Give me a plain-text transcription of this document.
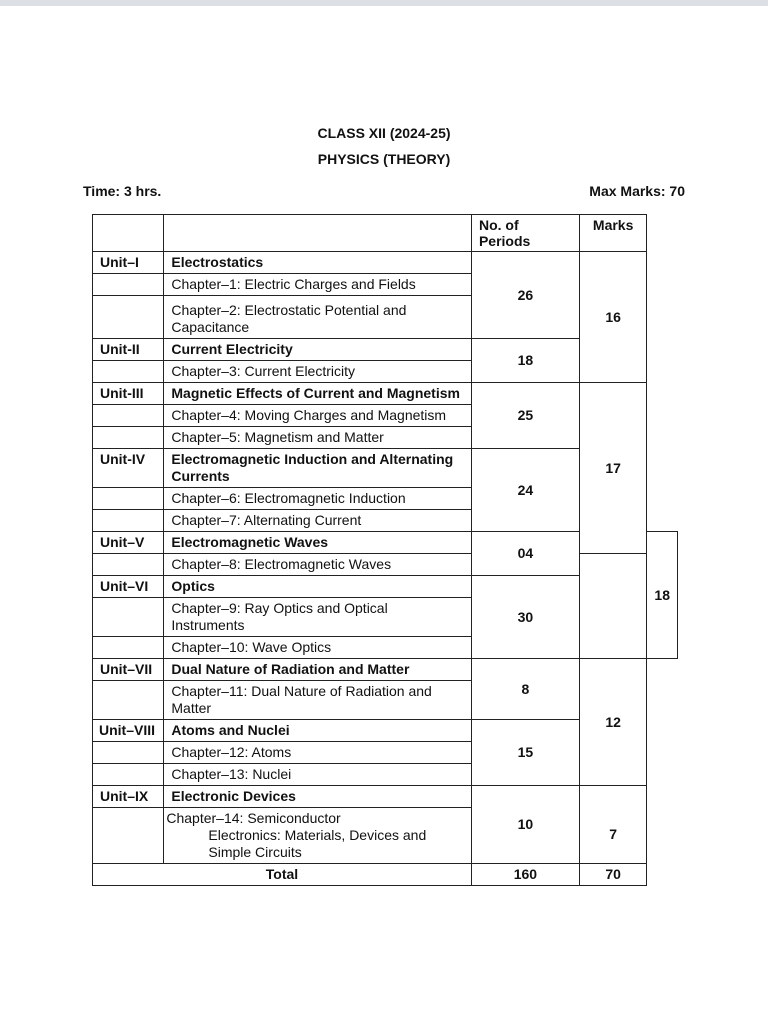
CLASS XII (2024-25)
PHYSICS (THEORY)
Time: 3 hrs.	Max Marks: 70
		No. of Periods	Marks	
Unit–I	Electrostatics	26	16	
	Chapter–1: Electric Charges and Fields			
	Chapter–2: Electrostatic Potential and Capacitance			
Unit-II	Current Electricity	18		
	Chapter–3: Current Electricity			
Unit-III	Magnetic Effects of Current and Magnetism	25	17	
	Chapter–4: Moving Charges and Magnetism			
	Chapter–5: Magnetism and Matter			
Unit-IV	Electromagnetic Induction and Alternating Currents	24		
	Chapter–6: Electromagnetic Induction			
	Chapter–7: Alternating Current			
Unit–V	Electromagnetic Waves	04		18
	Chapter–8: Electromagnetic Waves			
Unit–VI	Optics	30		
	Chapter–9: Ray Optics and Optical Instruments			
	Chapter–10: Wave Optics			
Unit–VII	Dual Nature of Radiation and Matter	8	12	
	Chapter–11: Dual Nature of Radiation and Matter			
Unit–VIII	Atoms and Nuclei	15		
	Chapter–12: Atoms			
	Chapter–13: Nuclei			
Unit–IX	Electronic Devices	10	7	
	Chapter–14: Semiconductor
Electronics: Materials, Devices and Simple Circuits			

Total		160	70	
